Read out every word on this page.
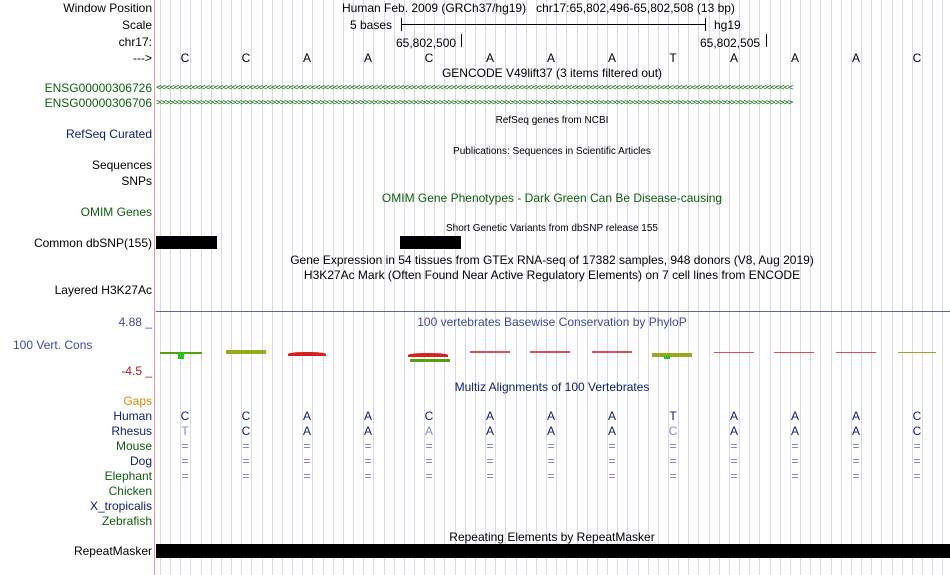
Window Position	Human Feb. 2009 (GRCh37/hg19)   chr17:65,802,496-65,802,508 (13 bp)
Scale	5 bases	hg19
chr17:	65,802,500	65,802,505
--->	C	C	A	A	C	A	A	A	T	A	A	A	C
GENCODE V49lift37 (3 items filtered out)
ENSG00000306726 <<<<<<<<<<<<<<<<<<<<<<<<<<<<<<<<<<<<<<<<<<<<<<<<<<<<<<<<<<<<<<<<<<<<<<<<<<<<<<<<<<<<<<<<<<<<<<<<<<<<<<<<<<<<<<<<<<<<<<<<<<<<<<<<<<<<<<<<<<<<<<<<
ENSG00000306706 >>>>>>>>>>>>>>>>>>>>>>>>>>>>>>>>>>>>>>>>>>>>>>>>>>>>>>>>>>>>>>>>>>>>>>>>>>>>>>>>>>>>>>>>>>>>>>>>>>>>>>>>>>>>>>>>>>>>>>>>>>>>>>>>>>>>>>>>>>>>>>>>
RefSeq genes from NCBI
RefSeq Curated
Publications: Sequences in Scientific Articles
Sequences
SNPs
OMIM Gene Phenotypes - Dark Green Can Be Disease-causing
OMIM Genes
Short Genetic Variants from dbSNP release 155
Common dbSNP(155)
Gene Expression in 54 tissues from GTEx RNA-seq of 17382 samples, 948 donors (V8, Aug 2019)
H3K27Ac Mark (Often Found Near Active Regulatory Elements) on 7 cell lines from ENCODE
Layered H3K27Ac
4.88 _	100 vertebrates Basewise Conservation by PhyloP
100 Vert. Cons
-4.5 _
Multiz Alignments of 100 Vertebrates
Gaps
Human	C	C	A	A	C	A	A	A	T	A	A	A	C
Rhesus	T	C	A	A	A	A	A	A	C	A	A	A	C
Mouse	=	=	=	=	=	=	=	=	=	=	=	=	=
Dog	=	=	=	=	=	=	=	=	=	=	=	=	=
Elephant	=	=	=	=	=	=	=	=	=	=	=	=	=
Chicken
X_tropicalis
Zebrafish
Repeating Elements by RepeatMasker
RepeatMasker
